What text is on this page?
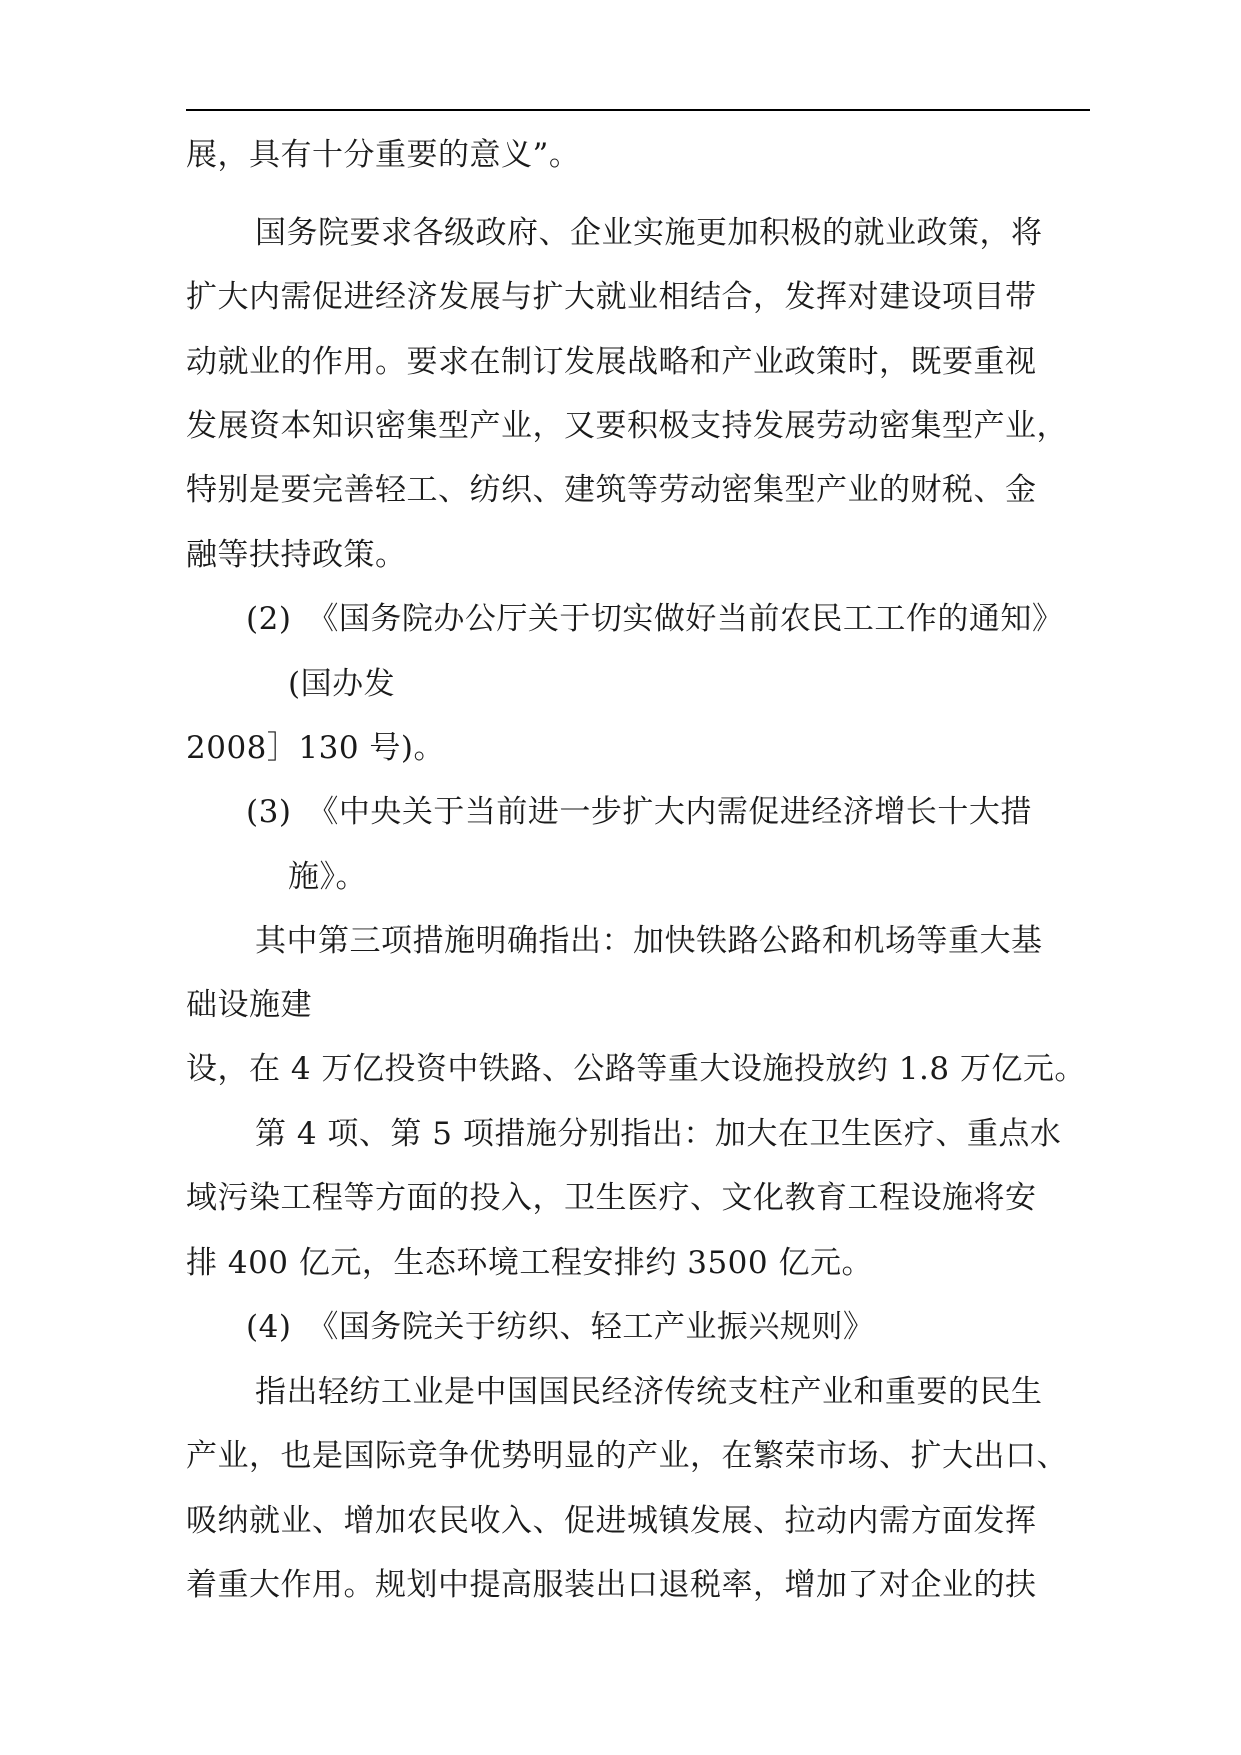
展，具有十分重要的意义”。
国务院要求各级政府、企业实施更加积极的就业政策，将
扩大内需促进经济发展与扩大就业相结合，发挥对建设项目带
动就业的作用。要求在制订发展战略和产业政策时，既要重视
发展资本知识密集型产业，又要积极支持发展劳动密集型产业，
特别是要完善轻工、纺织、建筑等劳动密集型产业的财税、金
融等扶持政策。
(2)　《国务院办公厅关于切实做好当前农民工工作的通知》
(国办发
2008］130 号)。
(3)　《中央关于当前进一步扩大内需促进经济增长十大措
施》。
其中第三项措施明确指出：加快铁路公路和机场等重大基
础设施建
设，在 4 万亿投资中铁路、公路等重大设施投放约 1.8 万亿元。
第 4 项、第 5 项措施分别指出：加大在卫生医疗、重点水
域污染工程等方面的投入，卫生医疗、文化教育工程设施将安
排 400 亿元，生态环境工程安排约 3500 亿元。
(4)　《国务院关于纺织、轻工产业振兴规则》
指出轻纺工业是中国国民经济传统支柱产业和重要的民生
产业，也是国际竞争优势明显的产业，在繁荣市场、扩大出口、
吸纳就业、增加农民收入、促进城镇发展、拉动内需方面发挥
着重大作用。规划中提高服装出口退税率，增加了对企业的扶
